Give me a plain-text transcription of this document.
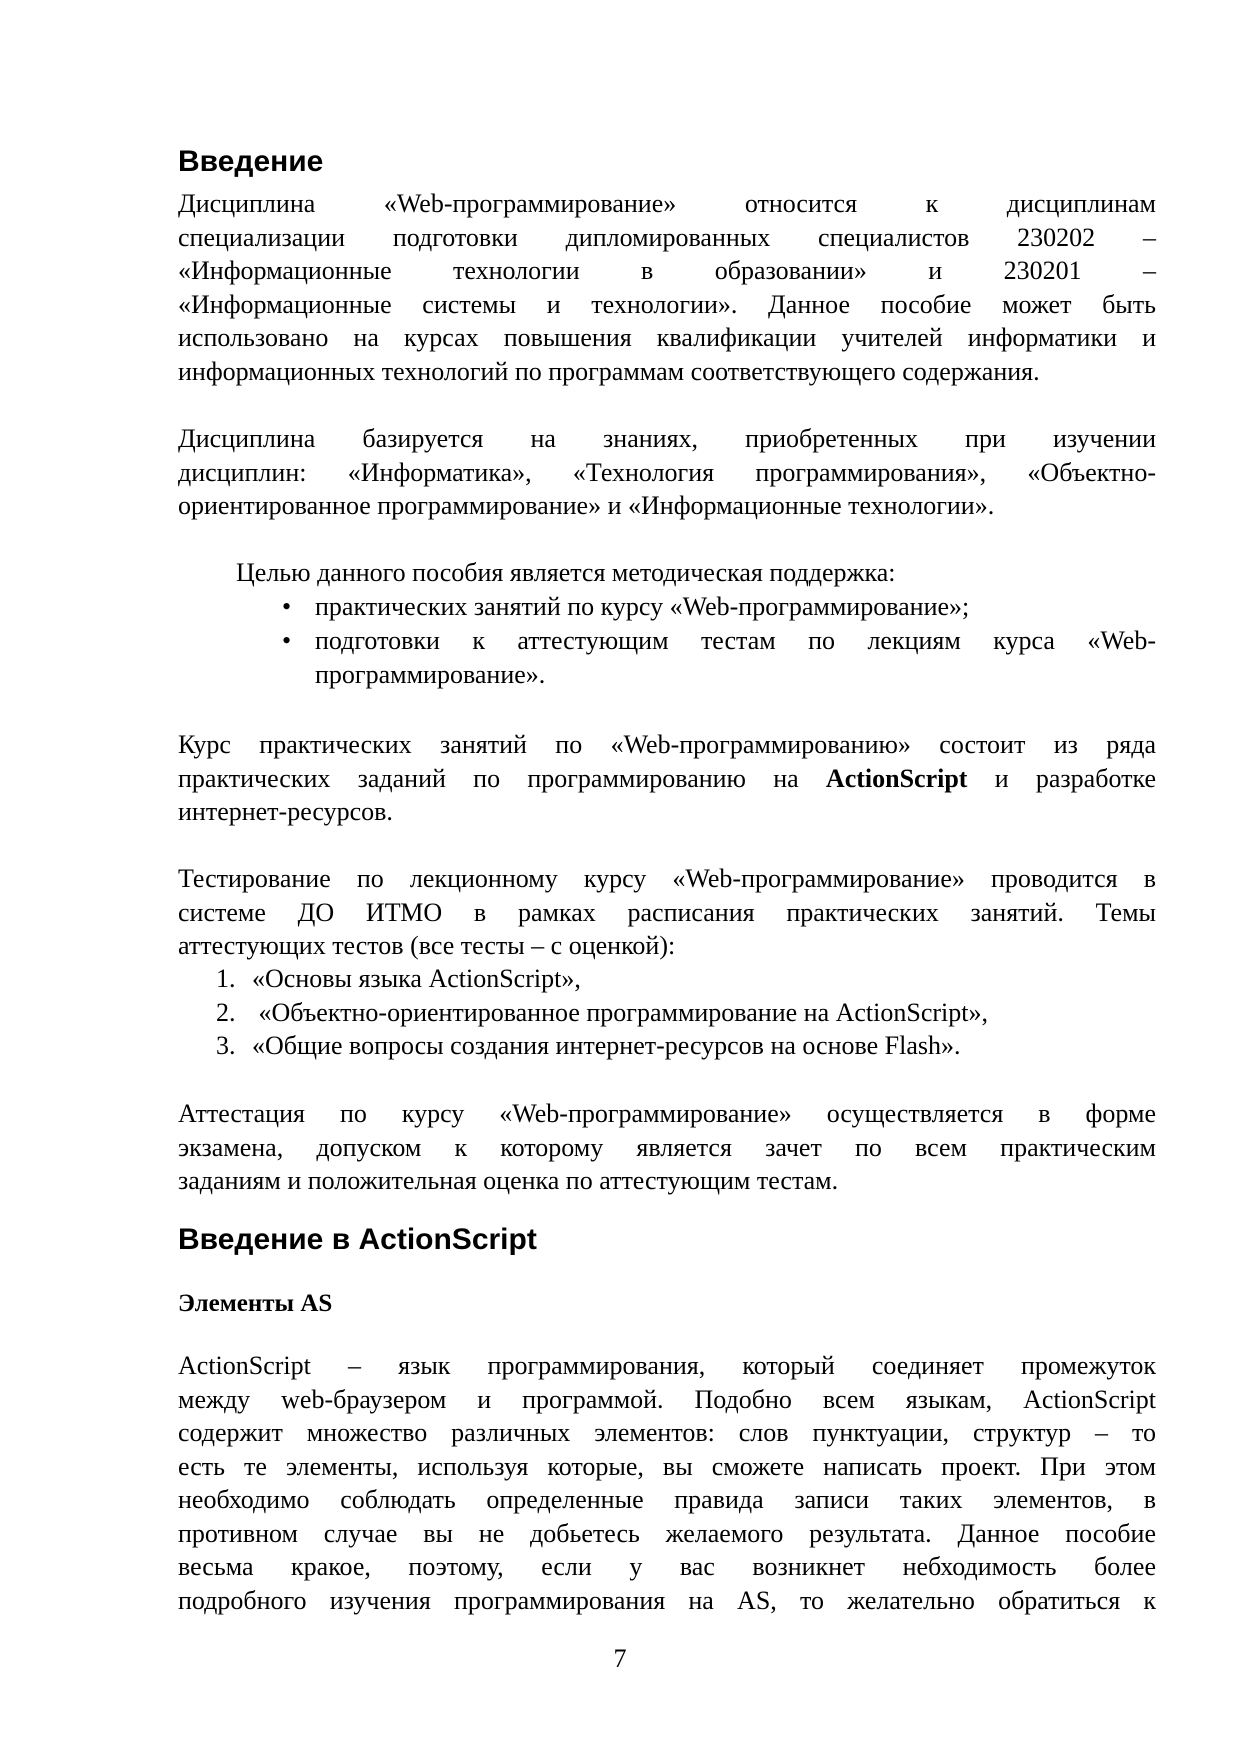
Введение
Дисциплина «Web-программирование» относится к дисциплинам
специализации подготовки дипломированных специалистов 230202 –
«Информационные технологии в образовании» и 230201 –
«Информационные системы и технологии». Данное пособие может быть
использовано на курсах повышения квалификации учителей информатики и
информационных технологий по программам соответствующего содержания.
Дисциплина базируется на знаниях, приобретенных при изучении
дисциплин: «Информатика», «Технология программирования», «Объектно-
ориентированное программирование» и «Информационные технологии».
Целью данного пособия является методическая поддержка:
• практических занятий по курсу «Web-программирование»;
• подготовки к аттестующим тестам по лекциям курса «Web-
программирование».
Курс практических занятий по «Web-программированию» состоит из ряда
практических заданий по программированию на ActionScript и разработке
интернет-ресурсов.
Тестирование по лекционному курсу «Web-программирование» проводится в
системе ДО ИТМО в рамках расписания практических занятий. Темы
аттестующих тестов (все тесты – с оценкой):
1. «Основы языка ActionScript»,
2. «Объектно-ориентированное программирование на ActionScript»,
3. «Общие вопросы создания интернет-ресурсов на основе Flash».
Аттестация по курсу «Web-программирование» осуществляется в форме
экзамена, допуском к которому является зачет по всем практическим
заданиям и положительная оценка по аттестующим тестам.
Введение в ActionScript
Элементы AS
ActionScript – язык программирования, который соединяет промежуток
между web-браузером и программой. Подобно всем языкам, ActionScript
содержит множество различных элементов: слов пунктуации, структур – то
есть те элементы, используя которые, вы сможете написать проект. При этом
необходимо соблюдать определенные правида записи таких элементов, в
противном случае вы не добьетесь желаемого результата. Данное пособие
весьма кракое, поэтому, если у вас возникнет небходимость более
подробного изучения программирования на AS, то желательно обратиться к
7
